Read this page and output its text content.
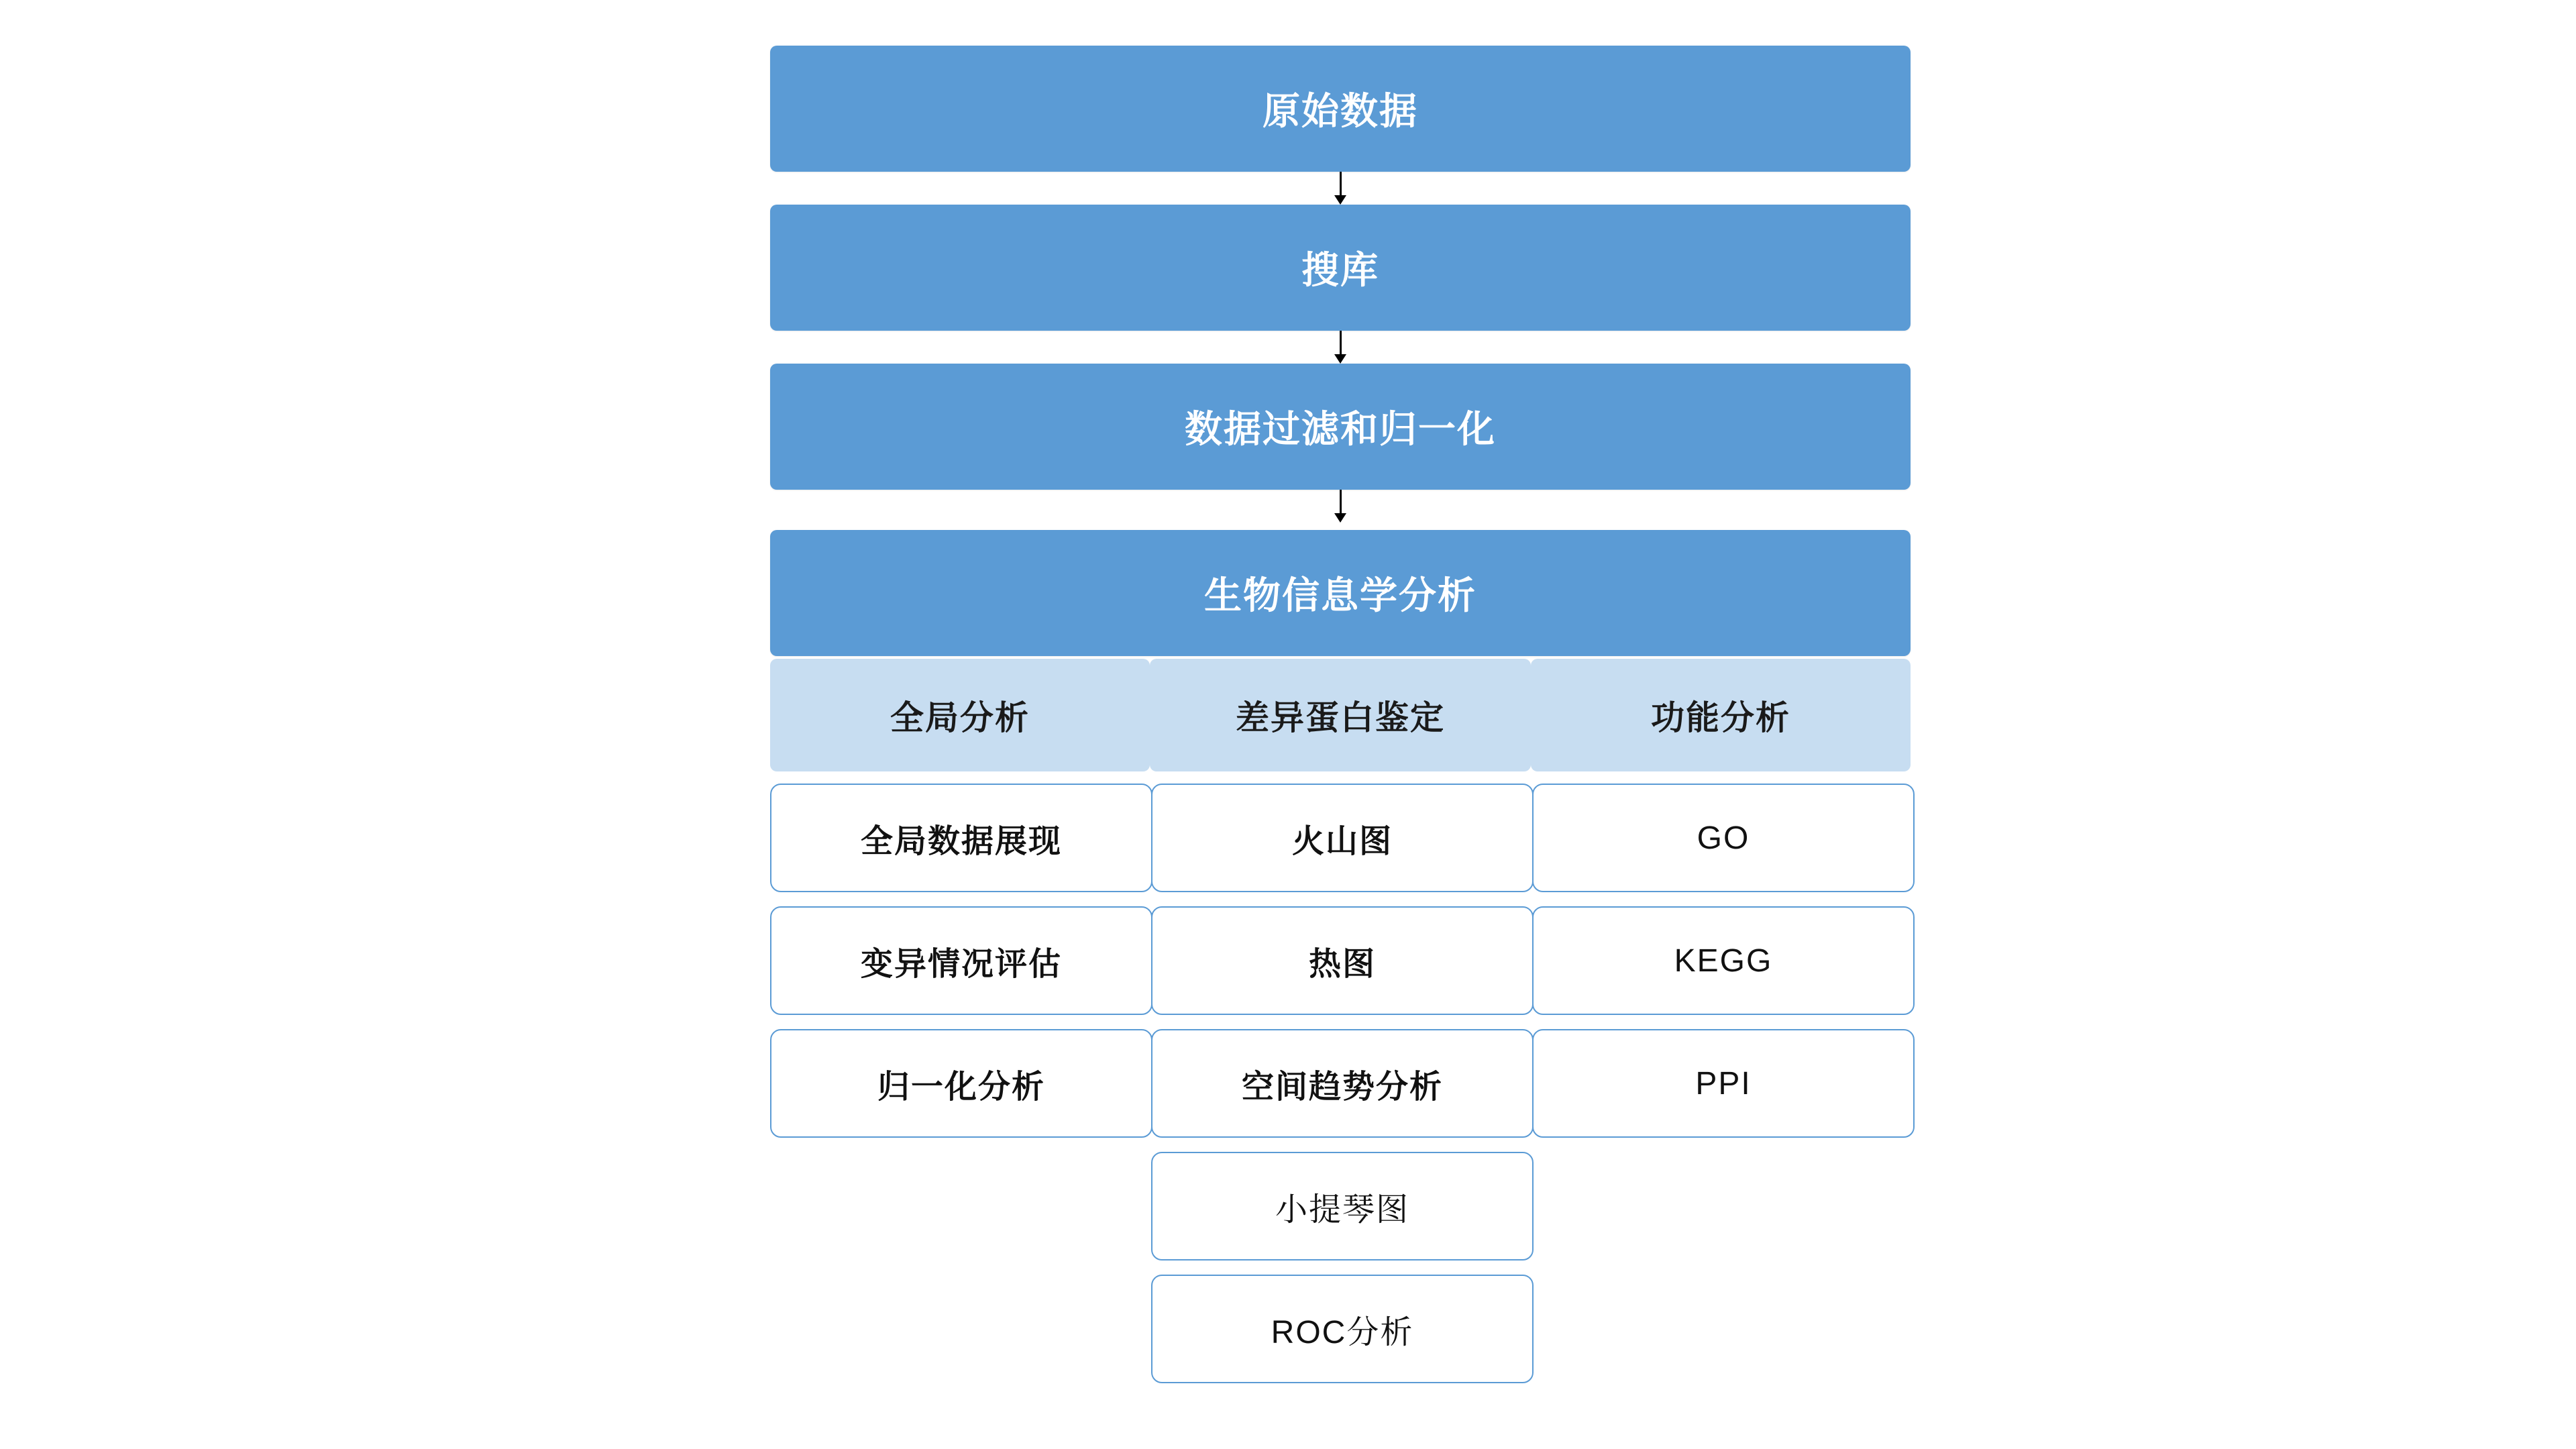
原始数据
搜库
数据过滤和归一化
生物信息学分析
全局分析	差异蛋白鉴定	功能分析
全局数据展现
变异情况评估
归一化分析
火山图
热图
空间趋势分析
小提琴图
ROC分析
GO
KEGG
PPI
